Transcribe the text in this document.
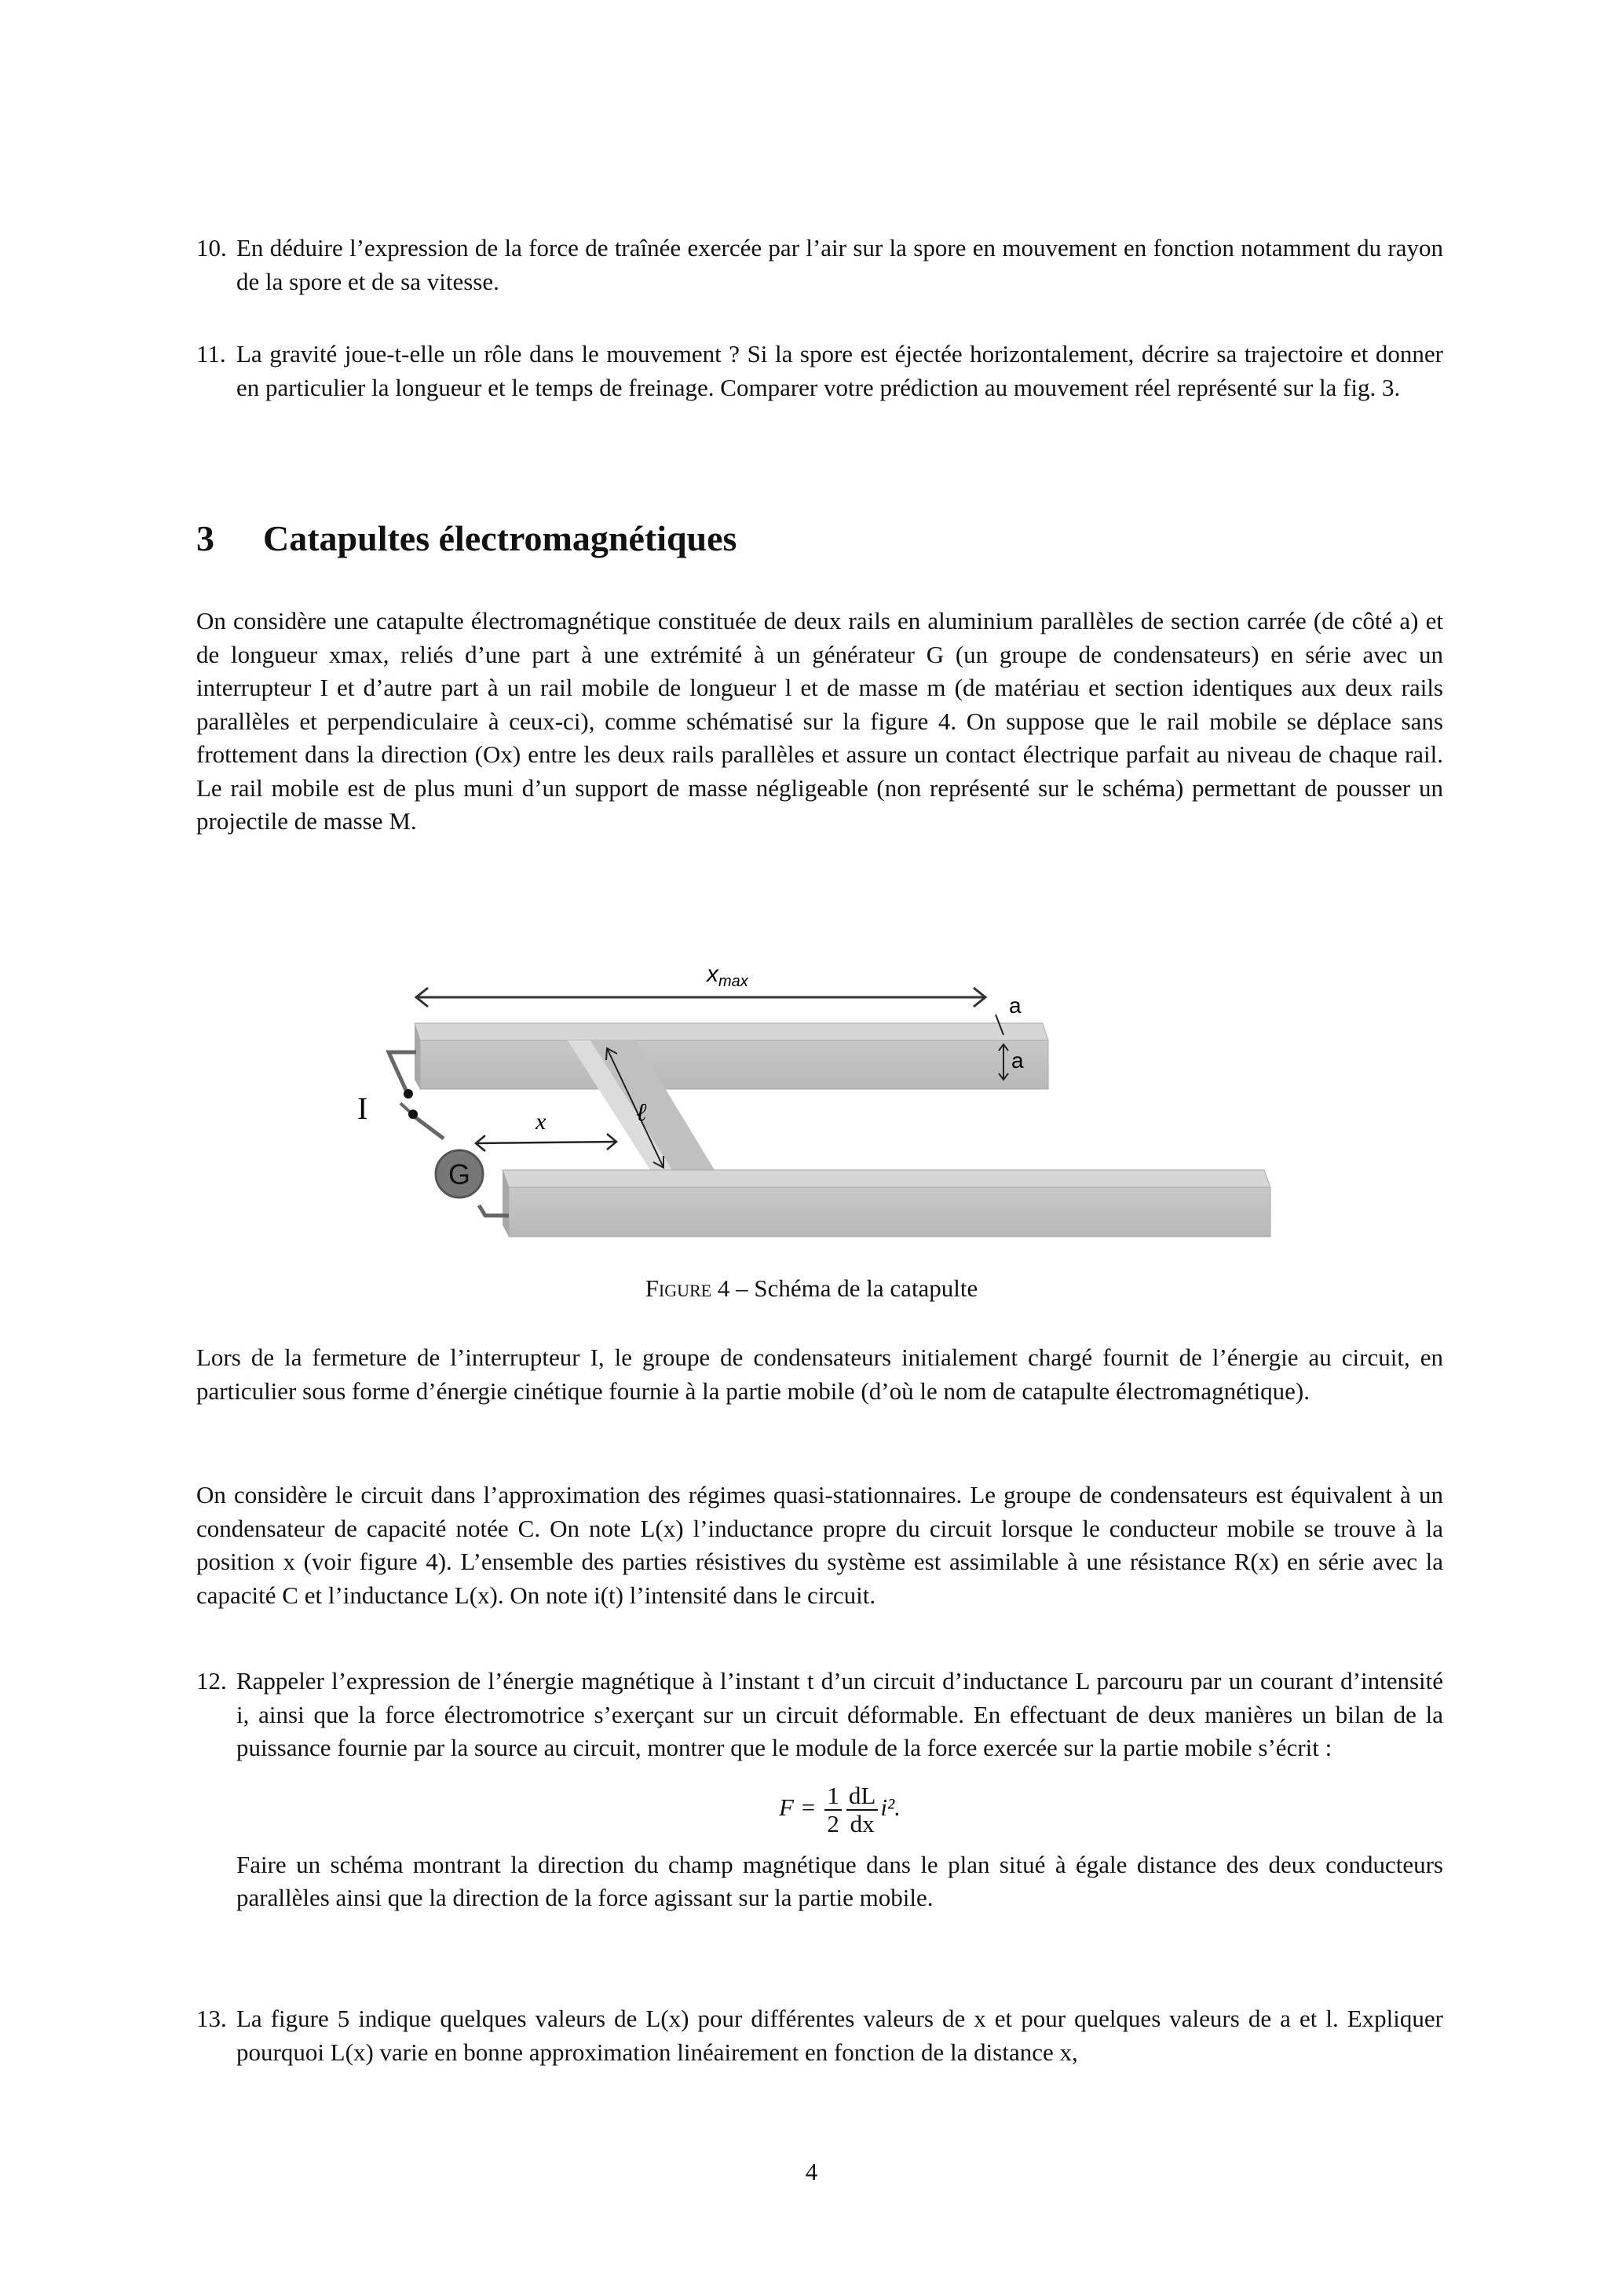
10. En déduire l’expression de la force de traînée exercée par l’air sur la spore en mouvement en fonction notamment du rayon de la spore et de sa vitesse.
11. La gravité joue-t-elle un rôle dans le mouvement ? Si la spore est éjectée horizontalement, décrire sa trajectoire et donner en particulier la longueur et le temps de freinage. Comparer votre prédiction au mouvement réel représenté sur la fig. 3.
3 Catapultes électromagnétiques
On considère une catapulte électromagnétique constituée de deux rails en aluminium parallèles de section carrée (de côté a) et de longueur xmax, reliés d’une part à une extrémité à un générateur G (un groupe de condensateurs) en série avec un interrupteur I et d’autre part à un rail mobile de longueur l et de masse m (de matériau et section identiques aux deux rails parallèles et perpendiculaire à ceux-ci), comme schématisé sur la figure 4. On suppose que le rail mobile se déplace sans frottement dans la direction (Ox) entre les deux rails parallèles et assure un contact électrique parfait au niveau de chaque rail. Le rail mobile est de plus muni d’un support de masse négligeable (non représenté sur le schéma) permettant de pousser un projectile de masse M.
$x_{max}$
I
G
x	ℓ
a
a
Figure 4 – Schéma de la catapulte
Lors de la fermeture de l’interrupteur I, le groupe de condensateurs initialement chargé fournit de l’énergie au circuit, en particulier sous forme d’énergie cinétique fournie à la partie mobile (d’où le nom de catapulte électromagnétique).
On considère le circuit dans l’approximation des régimes quasi-stationnaires. Le groupe de condensateurs est équivalent à un condensateur de capacité notée C. On note L(x) l’inductance propre du circuit lorsque le conducteur mobile se trouve à la position x (voir figure 4). L’ensemble des parties résistives du système est assimilable à une résistance R(x) en série avec la capacité C et l’inductance L(x). On note i(t) l’intensité dans le circuit.
12. Rappeler l’expression de l’énergie magnétique à l’instant t d’un circuit d’inductance L parcouru par un courant d’intensité i, ainsi que la force électromotrice s’exerçant sur un circuit déformable. En effectuant de deux manières un bilan de la puissance fournie par la source au circuit, montrer que le module de la force exercée sur la partie mobile s’écrit :
$F = \frac{1}{2} \frac{dL}{dx} i^2$.
Faire un schéma montrant la direction du champ magnétique dans le plan situé à égale distance des deux conducteurs parallèles ainsi que la direction de la force agissant sur la partie mobile.
13. La figure 5 indique quelques valeurs de L(x) pour différentes valeurs de x et pour quelques valeurs de a et l. Expliquer pourquoi L(x) varie en bonne approximation linéairement en fonction de la distance x,
4
